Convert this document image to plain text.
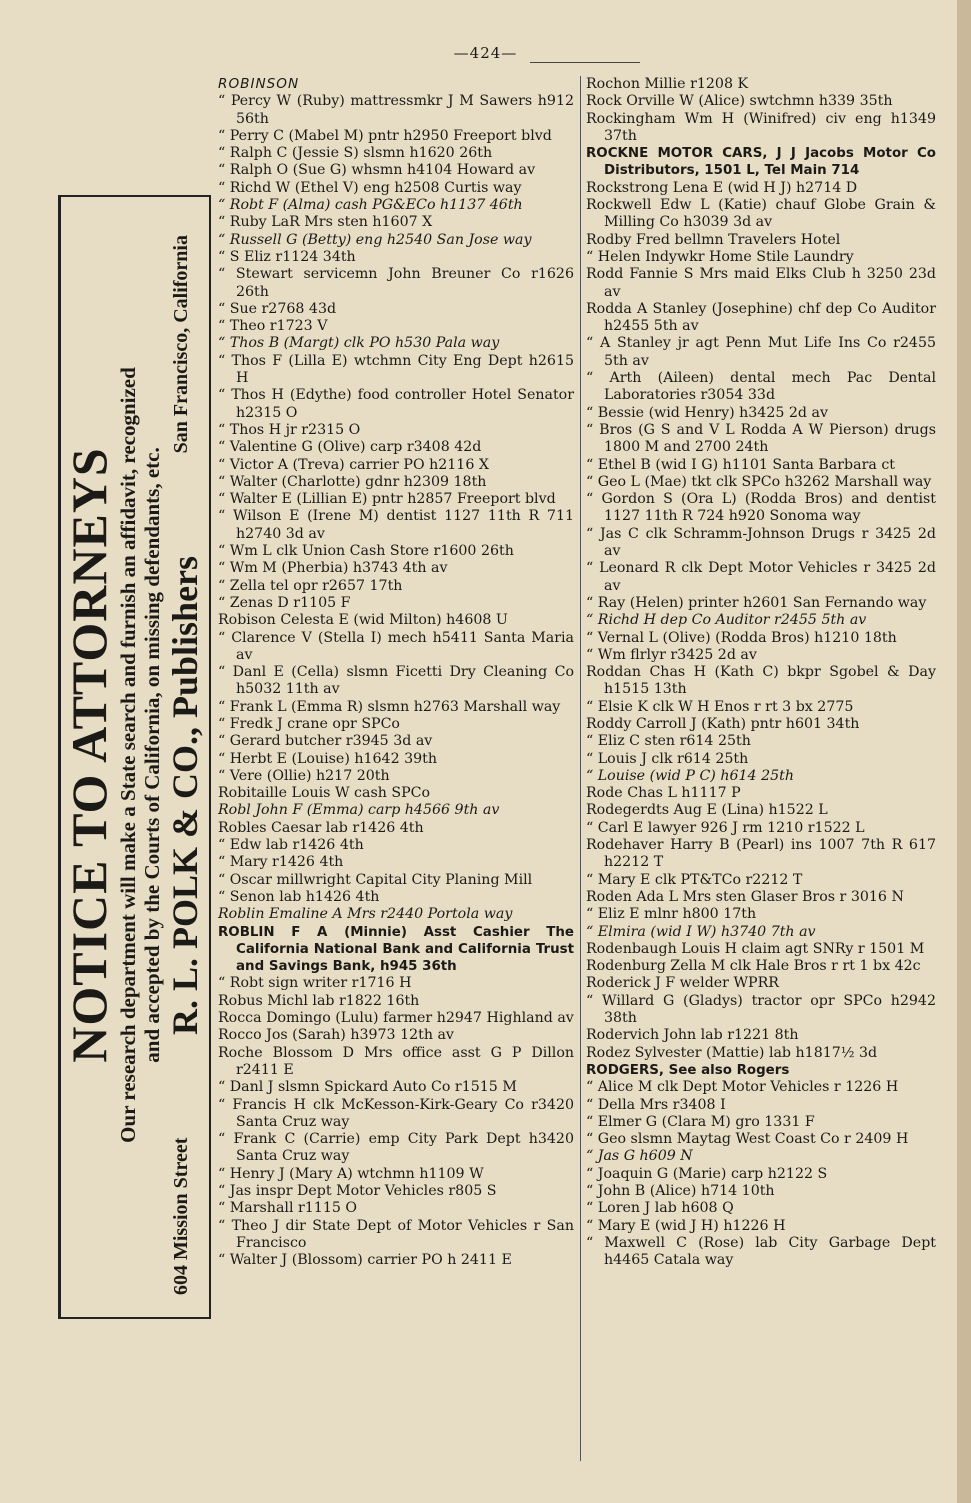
—424—
NOTICE TO ATTORNEYS Our research department will make a State search and furnish an affidavit, recognized and accepted by the Courts of California, on missing defendants, etc.
604 Mission Street
R. L. POLK & CO., Publishers
San Francisco, California
ROBINSON
“ Percy W (Ruby) mattressmkr J M Sawers h912 56th
“ Perry C (Mabel M) pntr h2950 Freeport blvd
“ Ralph C (Jessie S) slsmn h1620 26th
“ Ralph O (Sue G) whsmn h4104 Howard av
“ Richd W (Ethel V) eng h2508 Curtis way
“ Robt F (Alma) cash PG&ECo h1137 46th
“ Ruby LaR Mrs sten h1607 X
“ Russell G (Betty) eng h2540 San Jose way
“ S Eliz r1124 34th
“ Stewart servicemn John Breuner Co r1626 26th
“ Sue r2768 43d
“ Theo r1723 V
“ Thos B (Margt) clk PO h530 Pala way
“ Thos F (Lilla E) wtchmn City Eng Dept h2615 H
“ Thos H (Edythe) food controller Hotel Senator h2315 O
“ Thos H jr r2315 O
“ Valentine G (Olive) carp r3408 42d
“ Victor A (Treva) carrier PO h2116 X
“ Walter (Charlotte) gdnr h2309 18th
“ Walter E (Lillian E) pntr h2857 Freeport blvd
“ Wilson E (Irene M) dentist 1127 11th R 711 h2740 3d av
“ Wm L clk Union Cash Store r1600 26th
“ Wm M (Pherbia) h3743 4th av
“ Zella tel opr r2657 17th
“ Zenas D r1105 F
Robison Celesta E (wid Milton) h4608 U
“ Clarence V (Stella I) mech h5411 Santa Maria av
“ Danl E (Cella) slsmn Ficetti Dry Cleaning Co h5032 11th av
“ Frank L (Emma R) slsmn h2763 Marshall way
“ Fredk J crane opr SPCo
“ Gerard butcher r3945 3d av
“ Herbt E (Louise) h1642 39th
“ Vere (Ollie) h217 20th
Robitaille Louis W cash SPCo
Robl John F (Emma) carp h4566 9th av
Robles Caesar lab r1426 4th
“ Edw lab r1426 4th
“ Mary r1426 4th
“ Oscar millwright Capital City Planing Mill
“ Senon lab h1426 4th
Roblin Emaline A Mrs r2440 Portola way
ROBLIN F A (Minnie) Asst Cashier The California National Bank and California Trust and Savings Bank, h945 36th
“ Robt sign writer r1716 H
Robus Michl lab r1822 16th
Rocca Domingo (Lulu) farmer h2947 Highland av
Rocco Jos (Sarah) h3973 12th av
Roche Blossom D Mrs office asst G P Dillon r2411 E
“ Danl J slsmn Spickard Auto Co r1515 M
“ Francis H clk McKesson-Kirk-Geary Co r3420 Santa Cruz way
“ Frank C (Carrie) emp City Park Dept h3420 Santa Cruz way
“ Henry J (Mary A) wtchmn h1109 W
“ Jas inspr Dept Motor Vehicles r805 S
“ Marshall r1115 O
“ Theo J dir State Dept of Motor Vehicles r San Francisco
“ Walter J (Blossom) carrier PO h 2411 E
Rochon Millie r1208 K
Rock Orville W (Alice) swtchmn h339 35th
Rockingham Wm H (Winifred) civ eng h1349 37th
ROCKNE MOTOR CARS, J J Jacobs Motor Co Distributors, 1501 L, Tel Main 714
Rockstrong Lena E (wid H J) h2714 D
Rockwell Edw L (Katie) chauf Globe Grain & Milling Co h3039 3d av
Rodby Fred bellmn Travelers Hotel
“ Helen Indywkr Home Stile Laundry
Rodd Fannie S Mrs maid Elks Club h 3250 23d av
Rodda A Stanley (Josephine) chf dep Co Auditor h2455 5th av
“ A Stanley jr agt Penn Mut Life Ins Co r2455 5th av
“ Arth (Aileen) dental mech Pac Dental Laboratories r3054 33d
“ Bessie (wid Henry) h3425 2d av
“ Bros (G S and V L Rodda A W Pierson) drugs 1800 M and 2700 24th
“ Ethel B (wid I G) h1101 Santa Barbara ct
“ Geo L (Mae) tkt clk SPCo h3262 Marshall way
“ Gordon S (Ora L) (Rodda Bros) and dentist 1127 11th R 724 h920 Sonoma way
“ Jas C clk Schramm-Johnson Drugs r 3425 2d av
“ Leonard R clk Dept Motor Vehicles r 3425 2d av
“ Ray (Helen) printer h2601 San Fernando way
“ Richd H dep Co Auditor r2455 5th av
“ Vernal L (Olive) (Rodda Bros) h1210 18th
“ Wm flrlyr r3425 2d av
Roddan Chas H (Kath C) bkpr Sgobel & Day h1515 13th
“ Elsie K clk W H Enos r rt 3 bx 2775
Roddy Carroll J (Kath) pntr h601 34th
“ Eliz C sten r614 25th
“ Louis J clk r614 25th
“ Louise (wid P C) h614 25th
Rode Chas L h1117 P
Rodegerdts Aug E (Lina) h1522 L
“ Carl E lawyer 926 J rm 1210 r1522 L
Rodehaver Harry B (Pearl) ins 1007 7th R 617 h2212 T
“ Mary E clk PT&TCo r2212 T
Roden Ada L Mrs sten Glaser Bros r 3016 N
“ Eliz E mlnr h800 17th
“ Elmira (wid I W) h3740 7th av
Rodenbaugh Louis H claim agt SNRy r 1501 M
Rodenburg Zella M clk Hale Bros r rt 1 bx 42c
Roderick J F welder WPRR
“ Willard G (Gladys) tractor opr SPCo h2942 38th
Rodervich John lab r1221 8th
Rodez Sylvester (Mattie) lab h1817½ 3d
RODGERS, See also Rogers
“ Alice M clk Dept Motor Vehicles r 1226 H
“ Della Mrs r3408 I
“ Elmer G (Clara M) gro 1331 F
“ Geo slsmn Maytag West Coast Co r 2409 H
“ Jas G h609 N
“ Joaquin G (Marie) carp h2122 S
“ John B (Alice) h714 10th
“ Loren J lab h608 Q
“ Mary E (wid J H) h1226 H
“ Maxwell C (Rose) lab City Garbage Dept h4465 Catala way
